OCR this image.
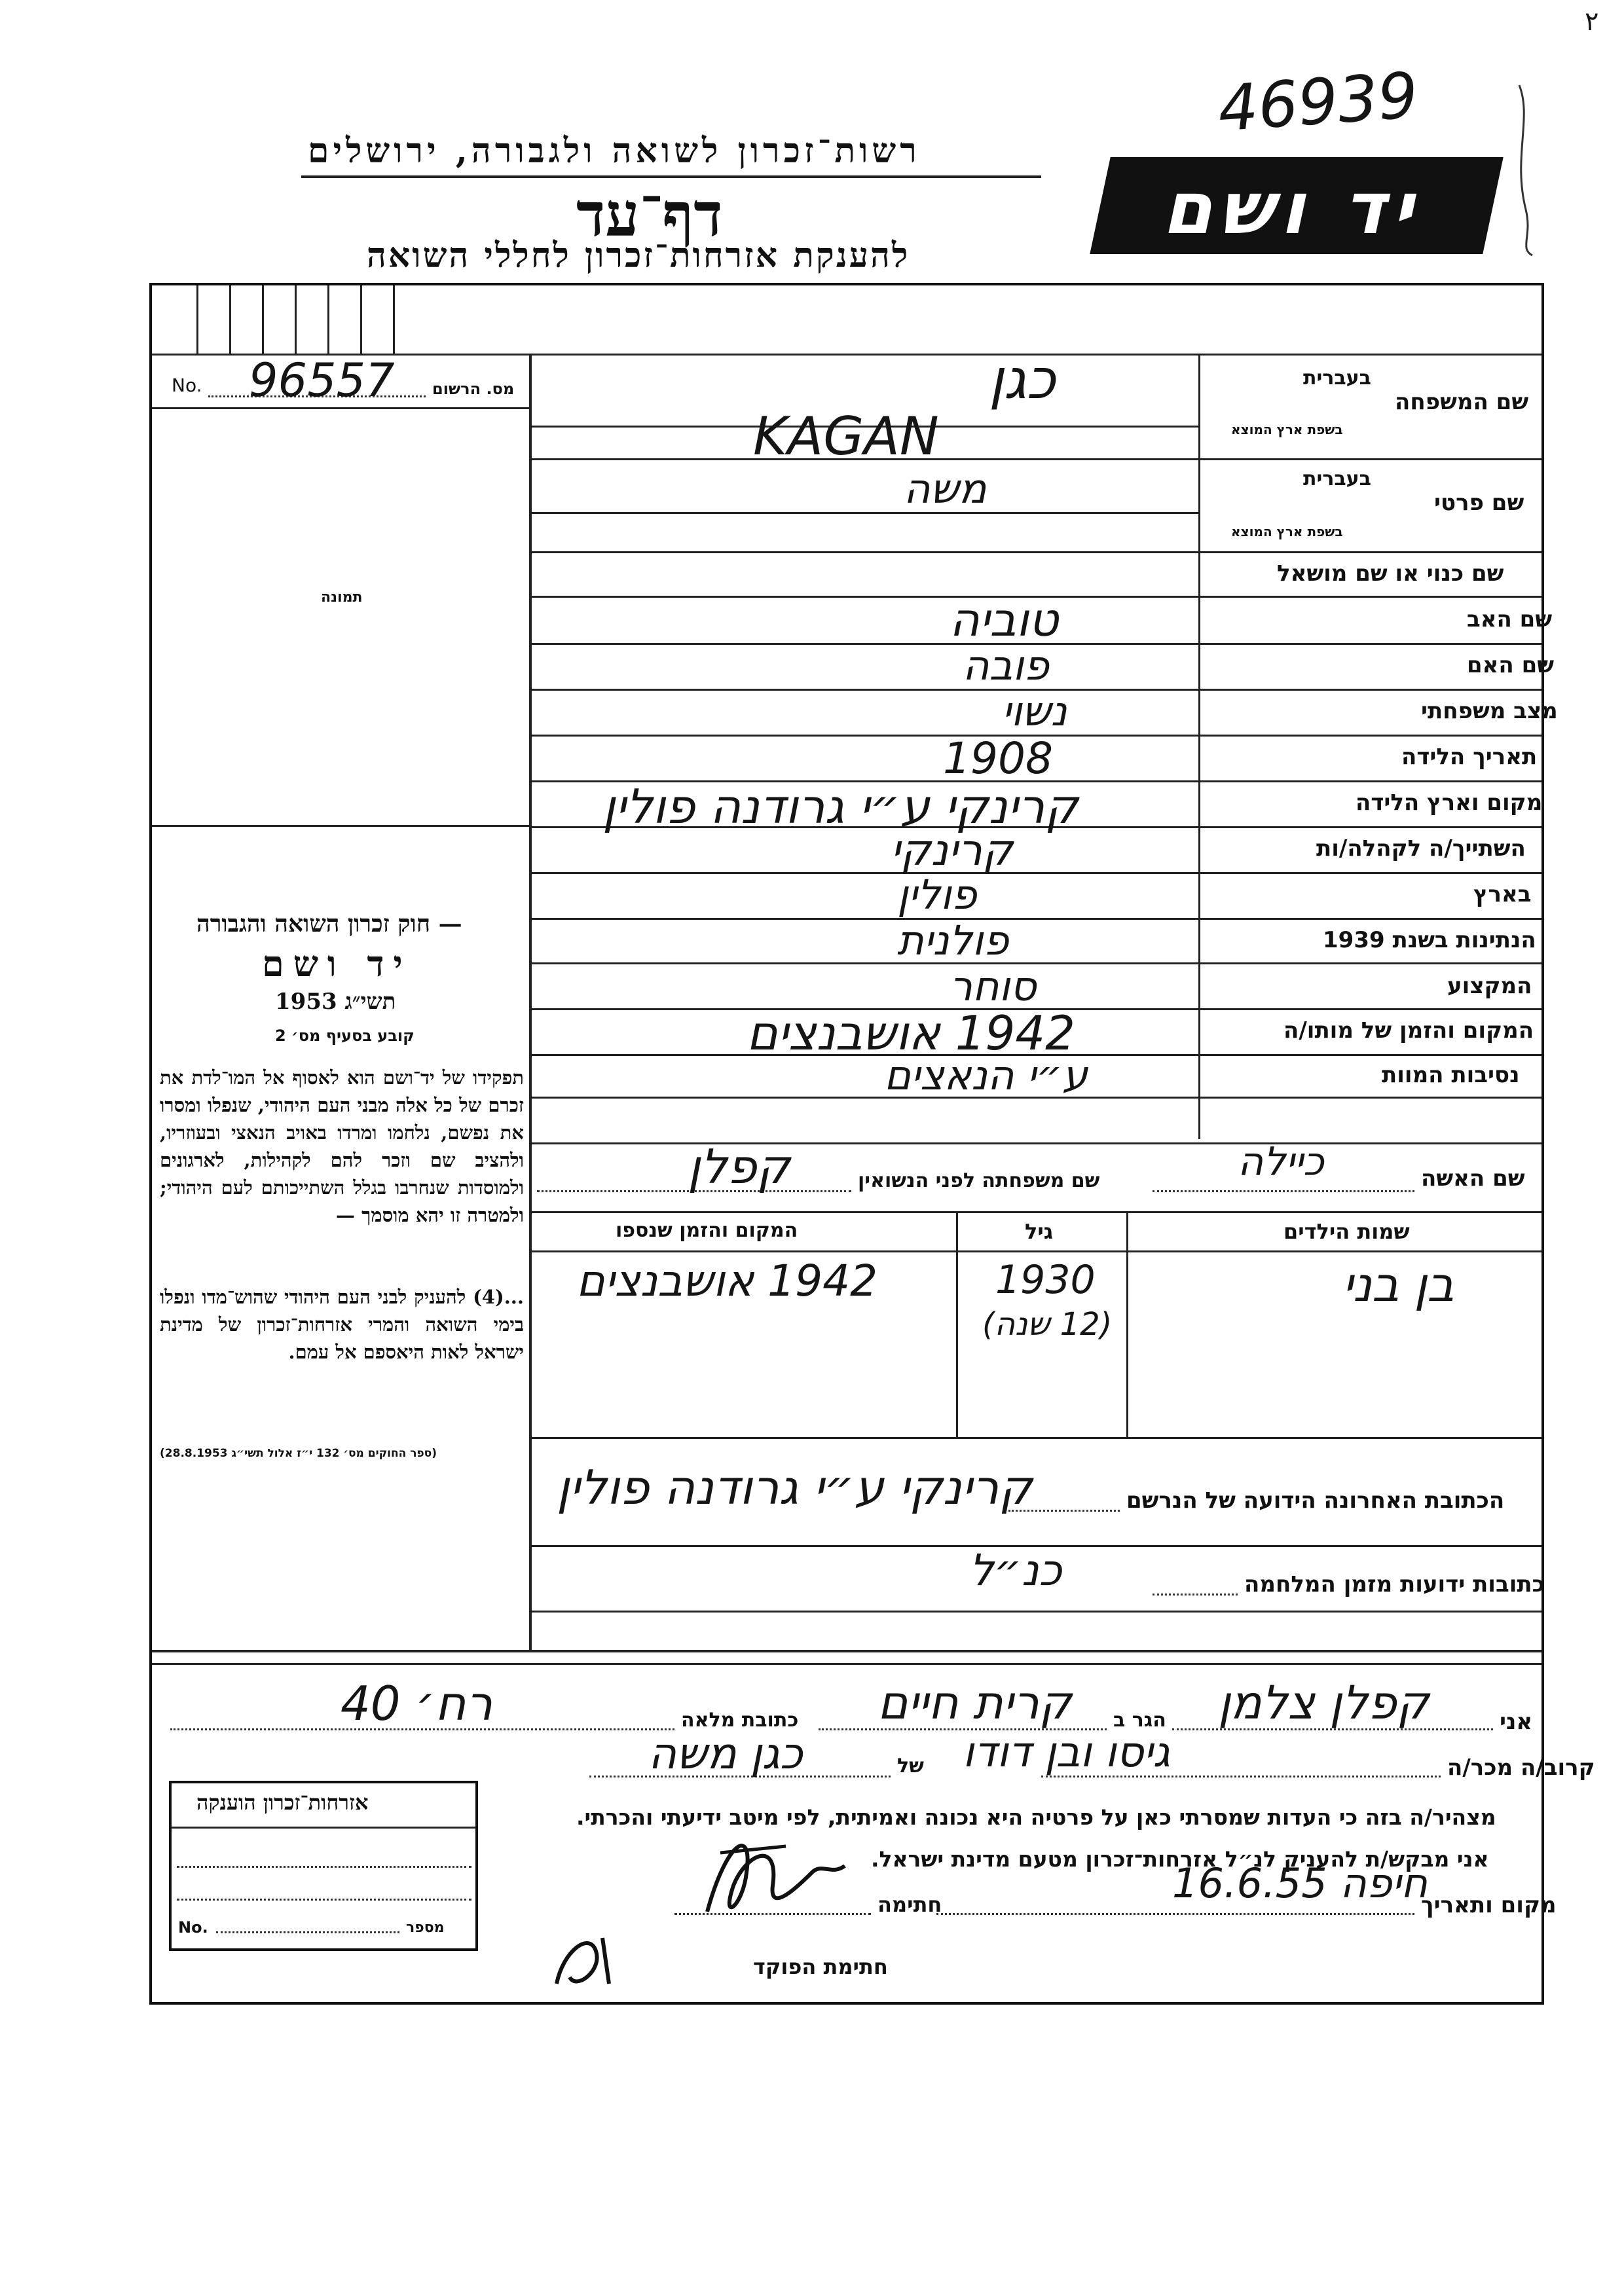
46939
۲
רשות־זכרון לשואה ולגבורה, ירושלים
דף־עד
להענקת אזרחות־זכרון לחללי השואה
יד ושם
No. 96557 מס. הרשום
תמונה
— חוק זכרון השואה והגבורה
יד ושם
תשי״ג 1953
קובע בסעיף מס׳ 2
תפקידו של יד־ושם הוא לאסוף אל המו־לדת את זכרם של כל אלה מבני העם היהודי, שנפלו ומסרו את נפשם, נלחמו ומרדו באויב הנאצי ובעוזריו, ולהציב שם וזכר להם לקהילות, לארגונים ולמוסדות שנחרבו בגלל השתייכותם לעם היהודי; ולמטרה זו יהא מוסמך —
...(4) להעניק לבני העם היהודי שהוש־מדו ונפלו בימי השואה והמרי אזרחות־זכרון של מדינת ישראל לאות היאספם אל עמם.
(ספר החוקים מס׳ 132 י״ז אלול תשי״ג 28.8.1953)
בעברית
שם המשפחה
בשפת ארץ המוצא
כגן
KAGAN
בעברית
שם פרטי
בשפת ארץ המוצא
משה
שם כנוי או שם מושאל
שם האב
טוביה
שם האם
פובה
מצב משפחתי
נשוי
תאריך הלידה
1908
מקום וארץ הלידה
קרינקי ע״י גרודנה פולין
השתייך/ה לקהלה/ות
קרינקי
בארץ
פולין
הנתינות בשנת 1939
פולנית
המקצוע
סוחר
המקום והזמן של מותו/ה
1942 אושבנצים
נסיבות המוות
ע״י הנאצים
שם האשה
כיילה
שם משפחתה לפני הנשואין
קפלן
שמות הילדים
גיל
המקום והזמן שנספו
בן בני
1930
(12 שנה)
1942 אושבנצים
הכתובת האחרונה הידועה של הנרשם
קרינקי ע״י גרודנה פולין
כתובות ידועות מזמן המלחמה
כנ״ל
אני
קפלן צלמן
הגר ב
קרית חיים
כתובת מלאה
רח׳ 40
קרוב/ה מכר/ה
גיסו ובן דודו
של
כגן משה
מצהיר/ה בזה כי העדות שמסרתי כאן על פרטיה היא נכונה ואמיתית, לפי מיטב ידיעתי והכרתי.
אני מבקש/ת להעניק לנ״ל אזרחות־זכרון מטעם מדינת ישראל.
מקום ותאריך
חיפה 16.6.55
חתימה
חתימת הפוקד
אזרחות־זכרון הוענקה
No.	מספר
